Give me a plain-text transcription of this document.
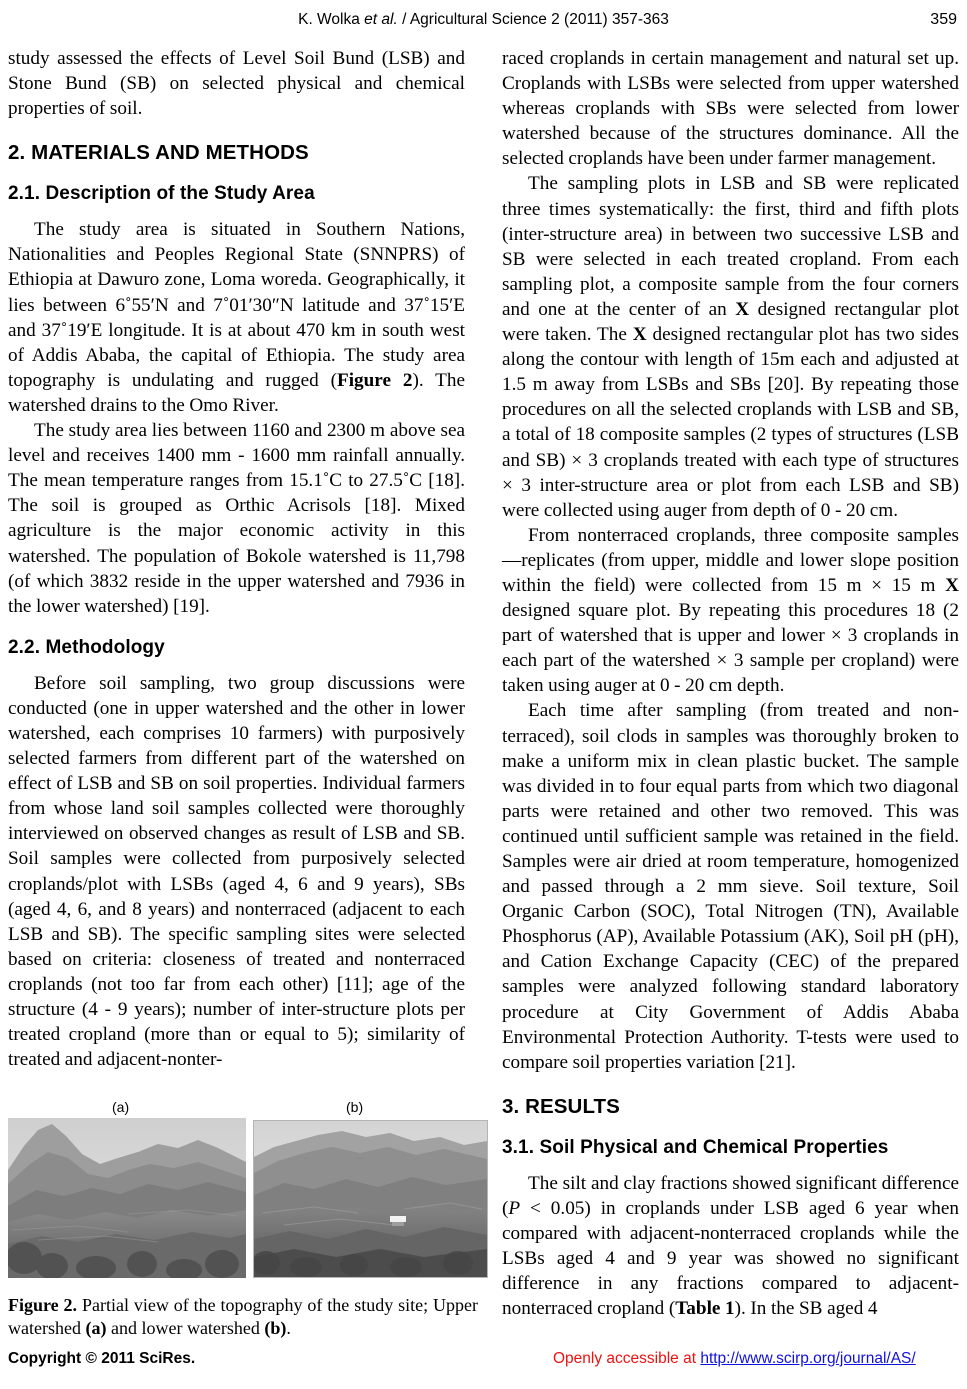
K. Wolka et al. / Agricultural Science 2 (2011) 357-363	359

study assessed the effects of Level Soil Bund (LSB) and Stone Bund (SB) on selected physical and chemical properties of soil.

2. MATERIALS AND METHODS
2.1. Description of the Study Area

The study area is situated in Southern Nations, Nationalities and Peoples Regional State (SNNPRS) of Ethiopia at Dawuro zone, Loma woreda. Geographically, it lies between 6˚55′N and 7˚01′30″N latitude and 37˚15′E and 37˚19′E longitude. It is at about 470 km in south west of Addis Ababa, the capital of Ethiopia. The study area topography is undulating and rugged (Figure 2). The watershed drains to the Omo River.

The study area lies between 1160 and 2300 m above sea level and receives 1400 mm - 1600 mm rainfall annually. The mean temperature ranges from 15.1˚C to 27.5˚C [18]. The soil is grouped as Orthic Acrisols [18]. Mixed agriculture is the major economic activity in this watershed. The population of Bokole watershed is 11,798 (of which 3832 reside in the upper watershed and 7936 in the lower watershed) [19].

2.2. Methodology

Before soil sampling, two group discussions were conducted (one in upper watershed and the other in lower watershed, each comprises 10 farmers) with purposively selected farmers from different part of the watershed on effect of LSB and SB on soil properties. Individual farmers from whose land soil samples collected were thoroughly interviewed on observed changes as result of LSB and SB. Soil samples were collected from purposively selected croplands/plot with LSBs (aged 4, 6 and 9 years), SBs (aged 4, 6, and 8 years) and nonterraced (adjacent to each LSB and SB). The specific sampling sites were selected based on criteria: closeness of treated and nonterraced croplands (not too far from each other) [11]; age of the structure (4 - 9 years); number of inter-structure plots per treated cropland (more than or equal to 5); similarity of treated and adjacent-nonter-

(a)	(b)
Figure 2. Partial view of the topography of the study site; Upper watershed (a) and lower watershed (b).

raced croplands in certain management and natural set up. Croplands with LSBs were selected from upper watershed whereas croplands with SBs were selected from lower watershed because of the structures dominance. All the selected croplands have been under farmer management.

The sampling plots in LSB and SB were replicated three times systematically: the first, third and fifth plots (inter-structure area) in between two successive LSB and SB were selected in each treated cropland. From each sampling plot, a composite sample from the four corners and one at the center of an X designed rectangular plot were taken. The X designed rectangular plot has two sides along the contour with length of 15m each and adjusted at 1.5 m away from LSBs and SBs [20]. By repeating those procedures on all the selected croplands with LSB and SB, a total of 18 composite samples (2 types of structures (LSB and SB) × 3 croplands treated with each type of structures × 3 inter-structure area or plot from each LSB and SB) were collected using auger from depth of 0 - 20 cm.

From nonterraced croplands, three composite samples—replicates (from upper, middle and lower slope position within the field) were collected from 15 m × 15 m X designed square plot. By repeating this procedures 18 (2 part of watershed that is upper and lower × 3 croplands in each part of the watershed × 3 sample per cropland) were taken using auger at 0 - 20 cm depth.

Each time after sampling (from treated and non-terraced), soil clods in samples was thoroughly broken to make a uniform mix in clean plastic bucket. The sample was divided in to four equal parts from which two diagonal parts were retained and other two removed. This was continued until sufficient sample was retained in the field. Samples were air dried at room temperature, homogenized and passed through a 2 mm sieve. Soil texture, Soil Organic Carbon (SOC), Total Nitrogen (TN), Available Phosphorus (AP), Available Potassium (AK), Soil pH (pH), and Cation Exchange Capacity (CEC) of the prepared samples were analyzed following standard laboratory procedure at City Government of Addis Ababa Environmental Protection Authority. T-tests were used to compare soil properties variation [21].

3. RESULTS
3.1. Soil Physical and Chemical Properties

The silt and clay fractions showed significant difference (P < 0.05) in croplands under LSB aged 6 year when compared with adjacent-nonterraced croplands while the LSBs aged 4 and 9 year was showed no significant difference in any fractions compared to adjacent-nonterraced cropland (Table 1). In the SB aged 4

Copyright © 2011 SciRes.	Openly accessible at http://www.scirp.org/journal/AS/
